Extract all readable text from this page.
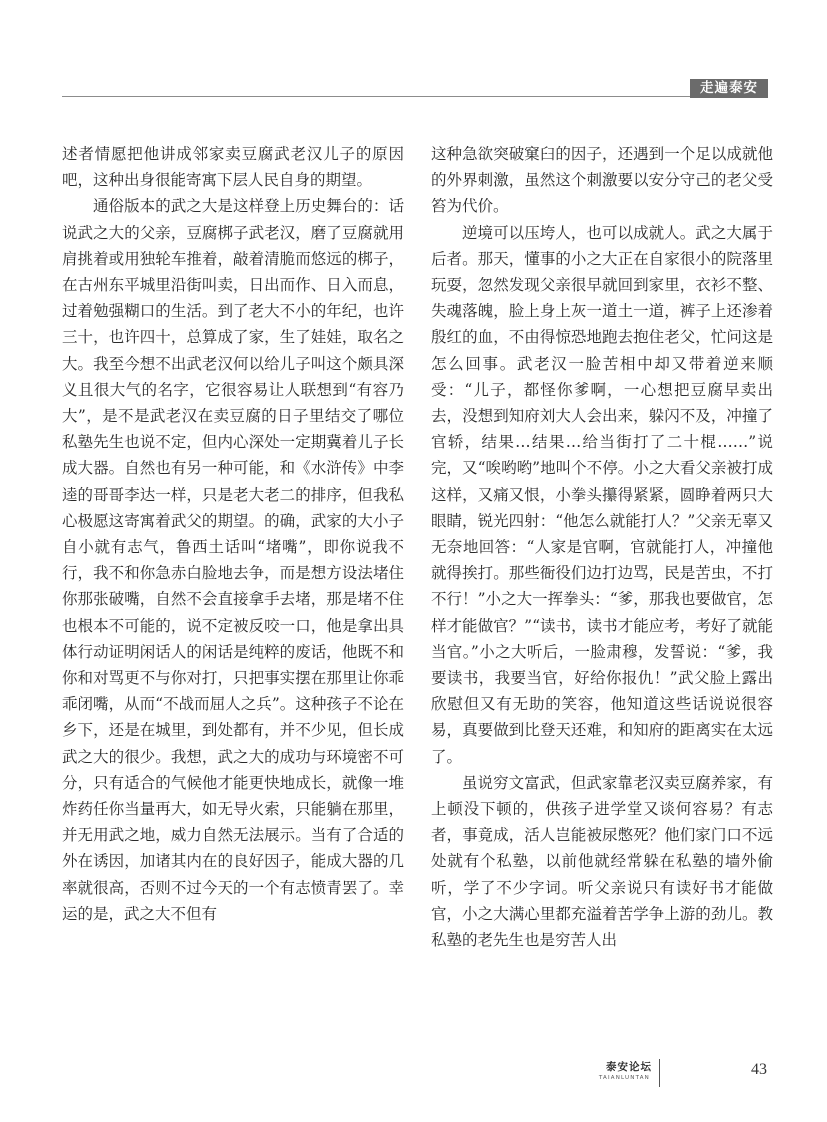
走遍泰安

述者情愿把他讲成邻家卖豆腐武老汉儿子的原因吧，这种出身很能寄寓下层人民自身的期望。

通俗版本的武之大是这样登上历史舞台的：话说武之大的父亲，豆腐梆子武老汉，磨了豆腐就用肩挑着或用独轮车推着，敲着清脆而悠远的梆子，在古州东平城里沿街叫卖，日出而作、日入而息，过着勉强糊口的生活。到了老大不小的年纪，也许三十，也许四十，总算成了家，生了娃娃，取名之大。我至今想不出武老汉何以给儿子叫这个颇具深义且很大气的名字，它很容易让人联想到“有容乃大”，是不是武老汉在卖豆腐的日子里结交了哪位私塾先生也说不定，但内心深处一定期冀着儿子长成大器。自然也有另一种可能，和《水浒传》中李逵的哥哥李达一样，只是老大老二的排序，但我私心极愿这寄寓着武父的期望。的确，武家的大小子自小就有志气，鲁西土话叫“堵嘴”，即你说我不行，我不和你急赤白脸地去争，而是想方设法堵住你那张破嘴，自然不会直接拿手去堵，那是堵不住也根本不可能的，说不定被反咬一口，他是拿出具体行动证明闲话人的闲话是纯粹的废话，他既不和你和对骂更不与你对打，只把事实摆在那里让你乖乖闭嘴，从而“不战而屈人之兵”。这种孩子不论在乡下，还是在城里，到处都有，并不少见，但长成武之大的很少。我想，武之大的成功与环境密不可分，只有适合的气候他才能更快地成长，就像一堆炸药任你当量再大，如无导火索，只能躺在那里，并无用武之地，威力自然无法展示。当有了合适的外在诱因，加诸其内在的良好因子，能成大器的几率就很高，否则不过今天的一个有志愤青罢了。幸运的是，武之大不但有

这种急欲突破窠臼的因子，还遇到一个足以成就他的外界刺激，虽然这个刺激要以安分守己的老父受笞为代价。

逆境可以压垮人，也可以成就人。武之大属于后者。那天，懂事的小之大正在自家很小的院落里玩耍，忽然发现父亲很早就回到家里，衣衫不整、失魂落魄，脸上身上灰一道土一道，裤子上还渗着殷红的血，不由得惊恐地跑去抱住老父，忙问这是怎么回事。武老汉一脸苦相中却又带着逆来顺受：“儿子，都怪你爹啊，一心想把豆腐早卖出去，没想到知府刘大人会出来，躲闪不及，冲撞了官轿，结果…结果…给当街打了二十棍……”说完，又“唉哟哟”地叫个不停。小之大看父亲被打成这样，又痛又恨，小拳头攥得紧紧，圆睁着两只大眼睛，锐光四射：“他怎么就能打人？”父亲无辜又无奈地回答：“人家是官啊，官就能打人，冲撞他就得挨打。那些衙役们边打边骂，民是苦虫，不打不行！”小之大一挥拳头：“爹，那我也要做官，怎样才能做官？”“读书，读书才能应考，考好了就能当官。”小之大听后，一脸肃穆，发誓说：“爹，我要读书，我要当官，好给你报仇！”武父脸上露出欣慰但又有无助的笑容，他知道这些话说说很容易，真要做到比登天还难，和知府的距离实在太远了。

虽说穷文富武，但武家靠老汉卖豆腐养家，有上顿没下顿的，供孩子进学堂又谈何容易？有志者，事竟成，活人岂能被尿憋死？他们家门口不远处就有个私塾，以前他就经常躲在私塾的墙外偷听，学了不少字词。听父亲说只有读好书才能做官，小之大满心里都充溢着苦学争上游的劲儿。教私塾的老先生也是穷苦人出

泰安论坛
TAIANLUNTAN	43
